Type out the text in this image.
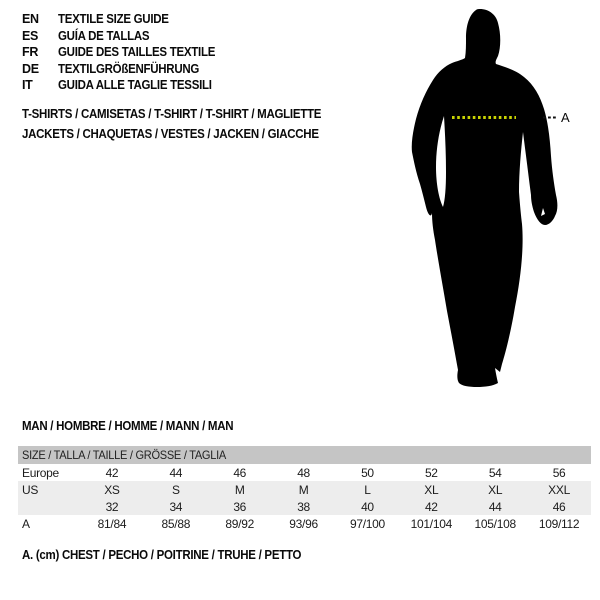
A
EN	TEXTILE SIZE GUIDE
ES	GUÍA DE TALLAS
FR	GUIDE DES TAILLES TEXTILE
DE	TEXTILGRÖßENFÜHRUNG
IT	GUIDA ALLE TAGLIE TESSILI
T-SHIRTS / CAMISETAS / T-SHIRT / T-SHIRT / MAGLIETTE
JACKETS / CHAQUETAS / VESTES / JACKEN / GIACCHE
MAN / HOMBRE / HOMME / MANN / MAN
SIZE / TALLA / TAILLE / GRÖSSE / TAGLIA								
Europe	42	44	46	48	50	52	54	56
US	XS	S	M	M	L	XL	XL	XXL
	32	34	36	38	40	42	44	46
A	81/84	85/88	89/92	93/96	97/100	101/104	105/108	109/112
A. (cm) CHEST / PECHO / POITRINE / TRUHE / PETTO
